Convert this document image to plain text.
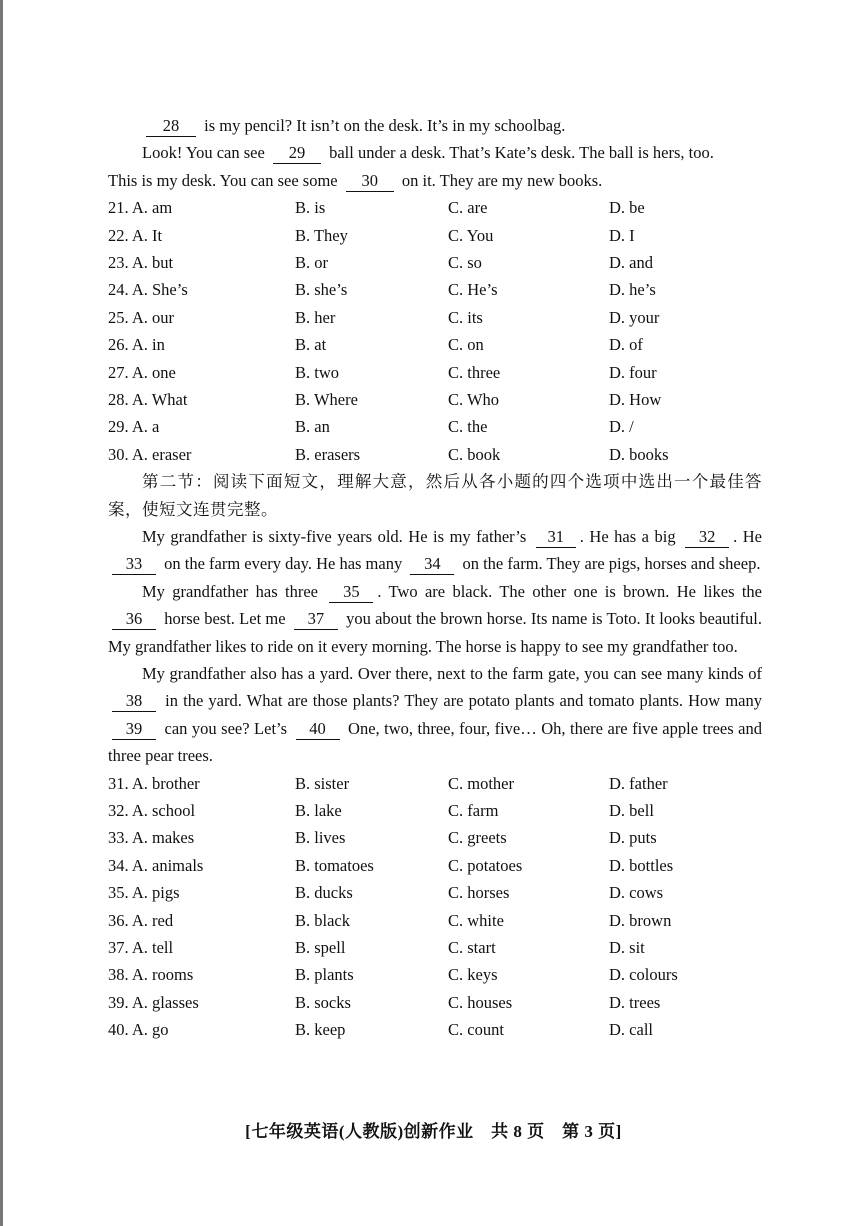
28 is my pencil? It isn’t on the desk. It’s in my schoolbag.

Look! You can see 29 ball under a desk. That’s Kate’s desk. The ball is hers, too.

This is my desk. You can see some 30 on it. They are my new books.

21. A. am	B. is	C. are	D. be
22. A. It	B. They	C. You	D. I
23. A. but	B. or	C. so	D. and
24. A. She’s	B. she’s	C. He’s	D. he’s
25. A. our	B. her	C. its	D. your
26. A. in	B. at	C. on	D. of
27. A. one	B. two	C. three	D. four
28. A. What	B. Where	C. Who	D. How
29. A. a	B. an	C. the	D. /
30. A. eraser	B. erasers	C. book	D. books

第二节：阅读下面短文，理解大意，然后从各小题的四个选项中选出一个最佳答案，使短文连贯完整。

My grandfather is sixty-five years old. He is my father’s 31 . He has a big 32 . He 33 on the farm every day. He has many 34 on the farm. They are pigs, horses and sheep.

My grandfather has three 35 . Two are black. The other one is brown. He likes the 36 horse best. Let me 37 you about the brown horse. Its name is Toto. It looks beautiful. My grandfather likes to ride on it every morning. The horse is happy to see my grandfather too.

My grandfather also has a yard. Over there, next to the farm gate, you can see many kinds of 38 in the yard. What are those plants? They are potato plants and tomato plants. How many 39 can you see? Let’s 40 One, two, three, four, five… Oh, there are five apple trees and three pear trees.

31. A. brother	B. sister	C. mother	D. father
32. A. school	B. lake	C. farm	D. bell
33. A. makes	B. lives	C. greets	D. puts
34. A. animals	B. tomatoes	C. potatoes	D. bottles
35. A. pigs	B. ducks	C. horses	D. cows
36. A. red	B. black	C. white	D. brown
37. A. tell	B. spell	C. start	D. sit
38. A. rooms	B. plants	C. keys	D. colours
39. A. glasses	B. socks	C. houses	D. trees
40. A. go	B. keep	C. count	D. call
[七年级英语(人教版)创新作业　共 8 页　第 3 页]
